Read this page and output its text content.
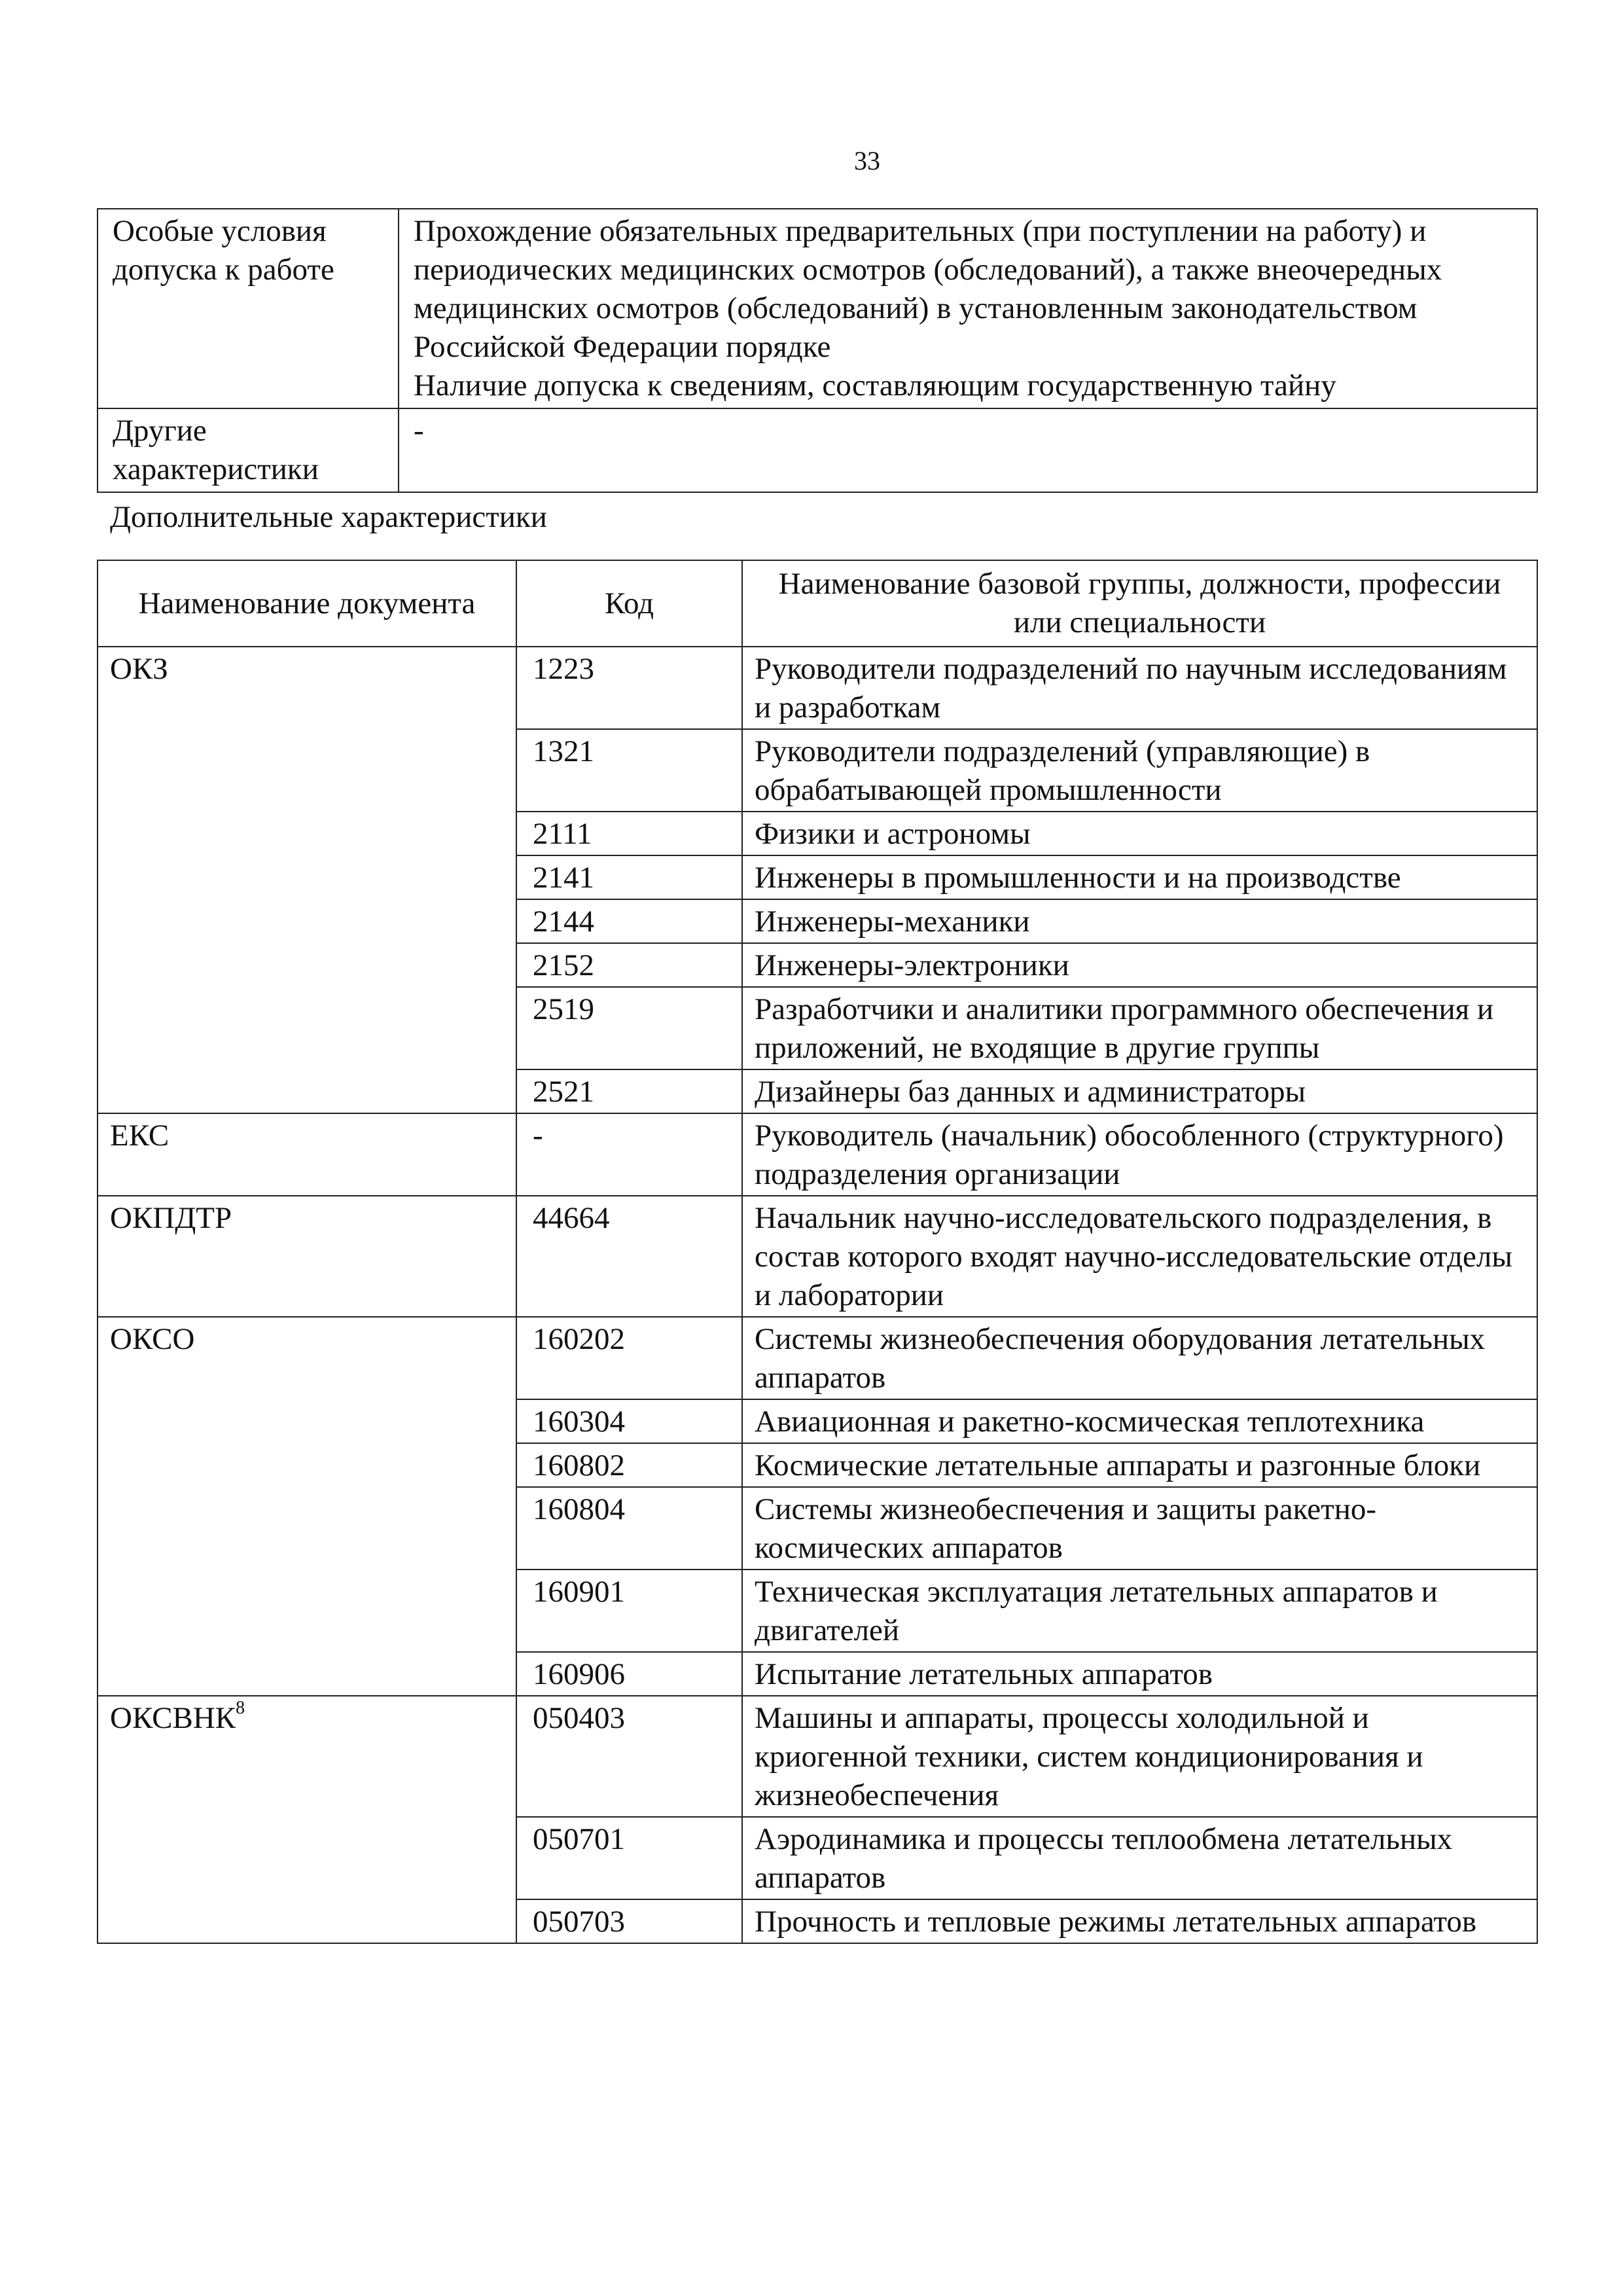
33
Особые условия допуска к работе	Прохождение обязательных предварительных (при поступлении на работу) и периодических медицинских осмотров (обследований), а также внеочередных медицинских осмотров (обследований) в установленным законодательством Российской Федерации порядке
Наличие допуска к сведениям, составляющим государственную тайну

Другие характеристики	-
Дополнительные характеристики
Наименование документа	Код	Наименование базовой группы, должности, профессии или специальности
ОКЗ	1223	Руководители подразделений по научным исследованиям и разработкам
	1321	Руководители подразделений (управляющие) в обрабатывающей промышленности
	2111	Физики и астрономы
	2141	Инженеры в промышленности и на производстве
	2144	Инженеры-механики
	2152	Инженеры-электроники
	2519	Разработчики и аналитики программного обеспечения и приложений, не входящие в другие группы
	2521	Дизайнеры баз данных и администраторы
ЕКС	-	Руководитель (начальник) обособленного (структурного) подразделения организации
ОКПДТР	44664	Начальник научно-исследовательского подразделения, в состав которого входят научно-исследовательские отделы и лаборатории
ОКСО	160202	Системы жизнеобеспечения оборудования летательных аппаратов
	160304	Авиационная и ракетно-космическая теплотехника
	160802	Космические летательные аппараты и разгонные блоки
	160804	Системы жизнеобеспечения и защиты ракетно-космических аппаратов
	160901	Техническая эксплуатация летательных аппаратов и двигателей
	160906	Испытание летательных аппаратов
ОКСВНК$^8$	050403	Машины и аппараты, процессы холодильной и криогенной техники, систем кондиционирования и жизнеобеспечения
	050701	Аэродинамика и процессы теплообмена летательных аппаратов
	050703	Прочность и тепловые режимы летательных аппаратов
